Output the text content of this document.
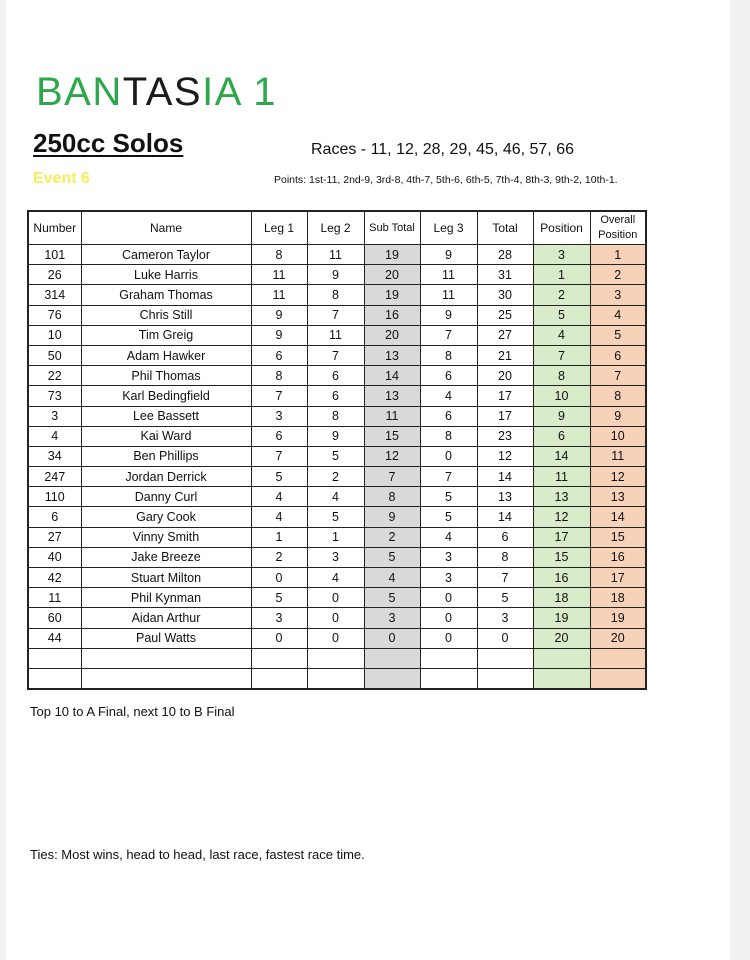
BANTASIA 1
250cc Solos
Event 6
Races - 11, 12, 28, 29, 45, 46, 57, 66
Points: 1st-11, 2nd-9, 3rd-8, 4th-7, 5th-6, 6th-5, 7th-4, 8th-3, 9th-2, 10th-1.
Number	Name	Leg 1	Leg 2	Sub Total	Leg 3	Total	Position	Overall Position
101	Cameron Taylor	8	11	19	9	28	3	1
26	Luke Harris	11	9	20	11	31	1	2
314	Graham Thomas	11	8	19	11	30	2	3
76	Chris Still	9	7	16	9	25	5	4
10	Tim Greig	9	11	20	7	27	4	5
50	Adam Hawker	6	7	13	8	21	7	6
22	Phil Thomas	8	6	14	6	20	8	7
73	Karl Bedingfield	7	6	13	4	17	10	8
3	Lee Bassett	3	8	11	6	17	9	9
4	Kai Ward	6	9	15	8	23	6	10
34	Ben Phillips	7	5	12	0	12	14	11
247	Jordan Derrick	5	2	7	7	14	11	12
110	Danny Curl	4	4	8	5	13	13	13
6	Gary Cook	4	5	9	5	14	12	14
27	Vinny Smith	1	1	2	4	6	17	15
40	Jake Breeze	2	3	5	3	8	15	16
42	Stuart Milton	0	4	4	3	7	16	17
11	Phil Kynman	5	0	5	0	5	18	18
60	Aidan Arthur	3	0	3	0	3	19	19
44	Paul Watts	0	0	0	0	0	20	20

Top 10 to A Final, next 10 to B Final
Ties: Most wins, head to head, last race, fastest race time.
